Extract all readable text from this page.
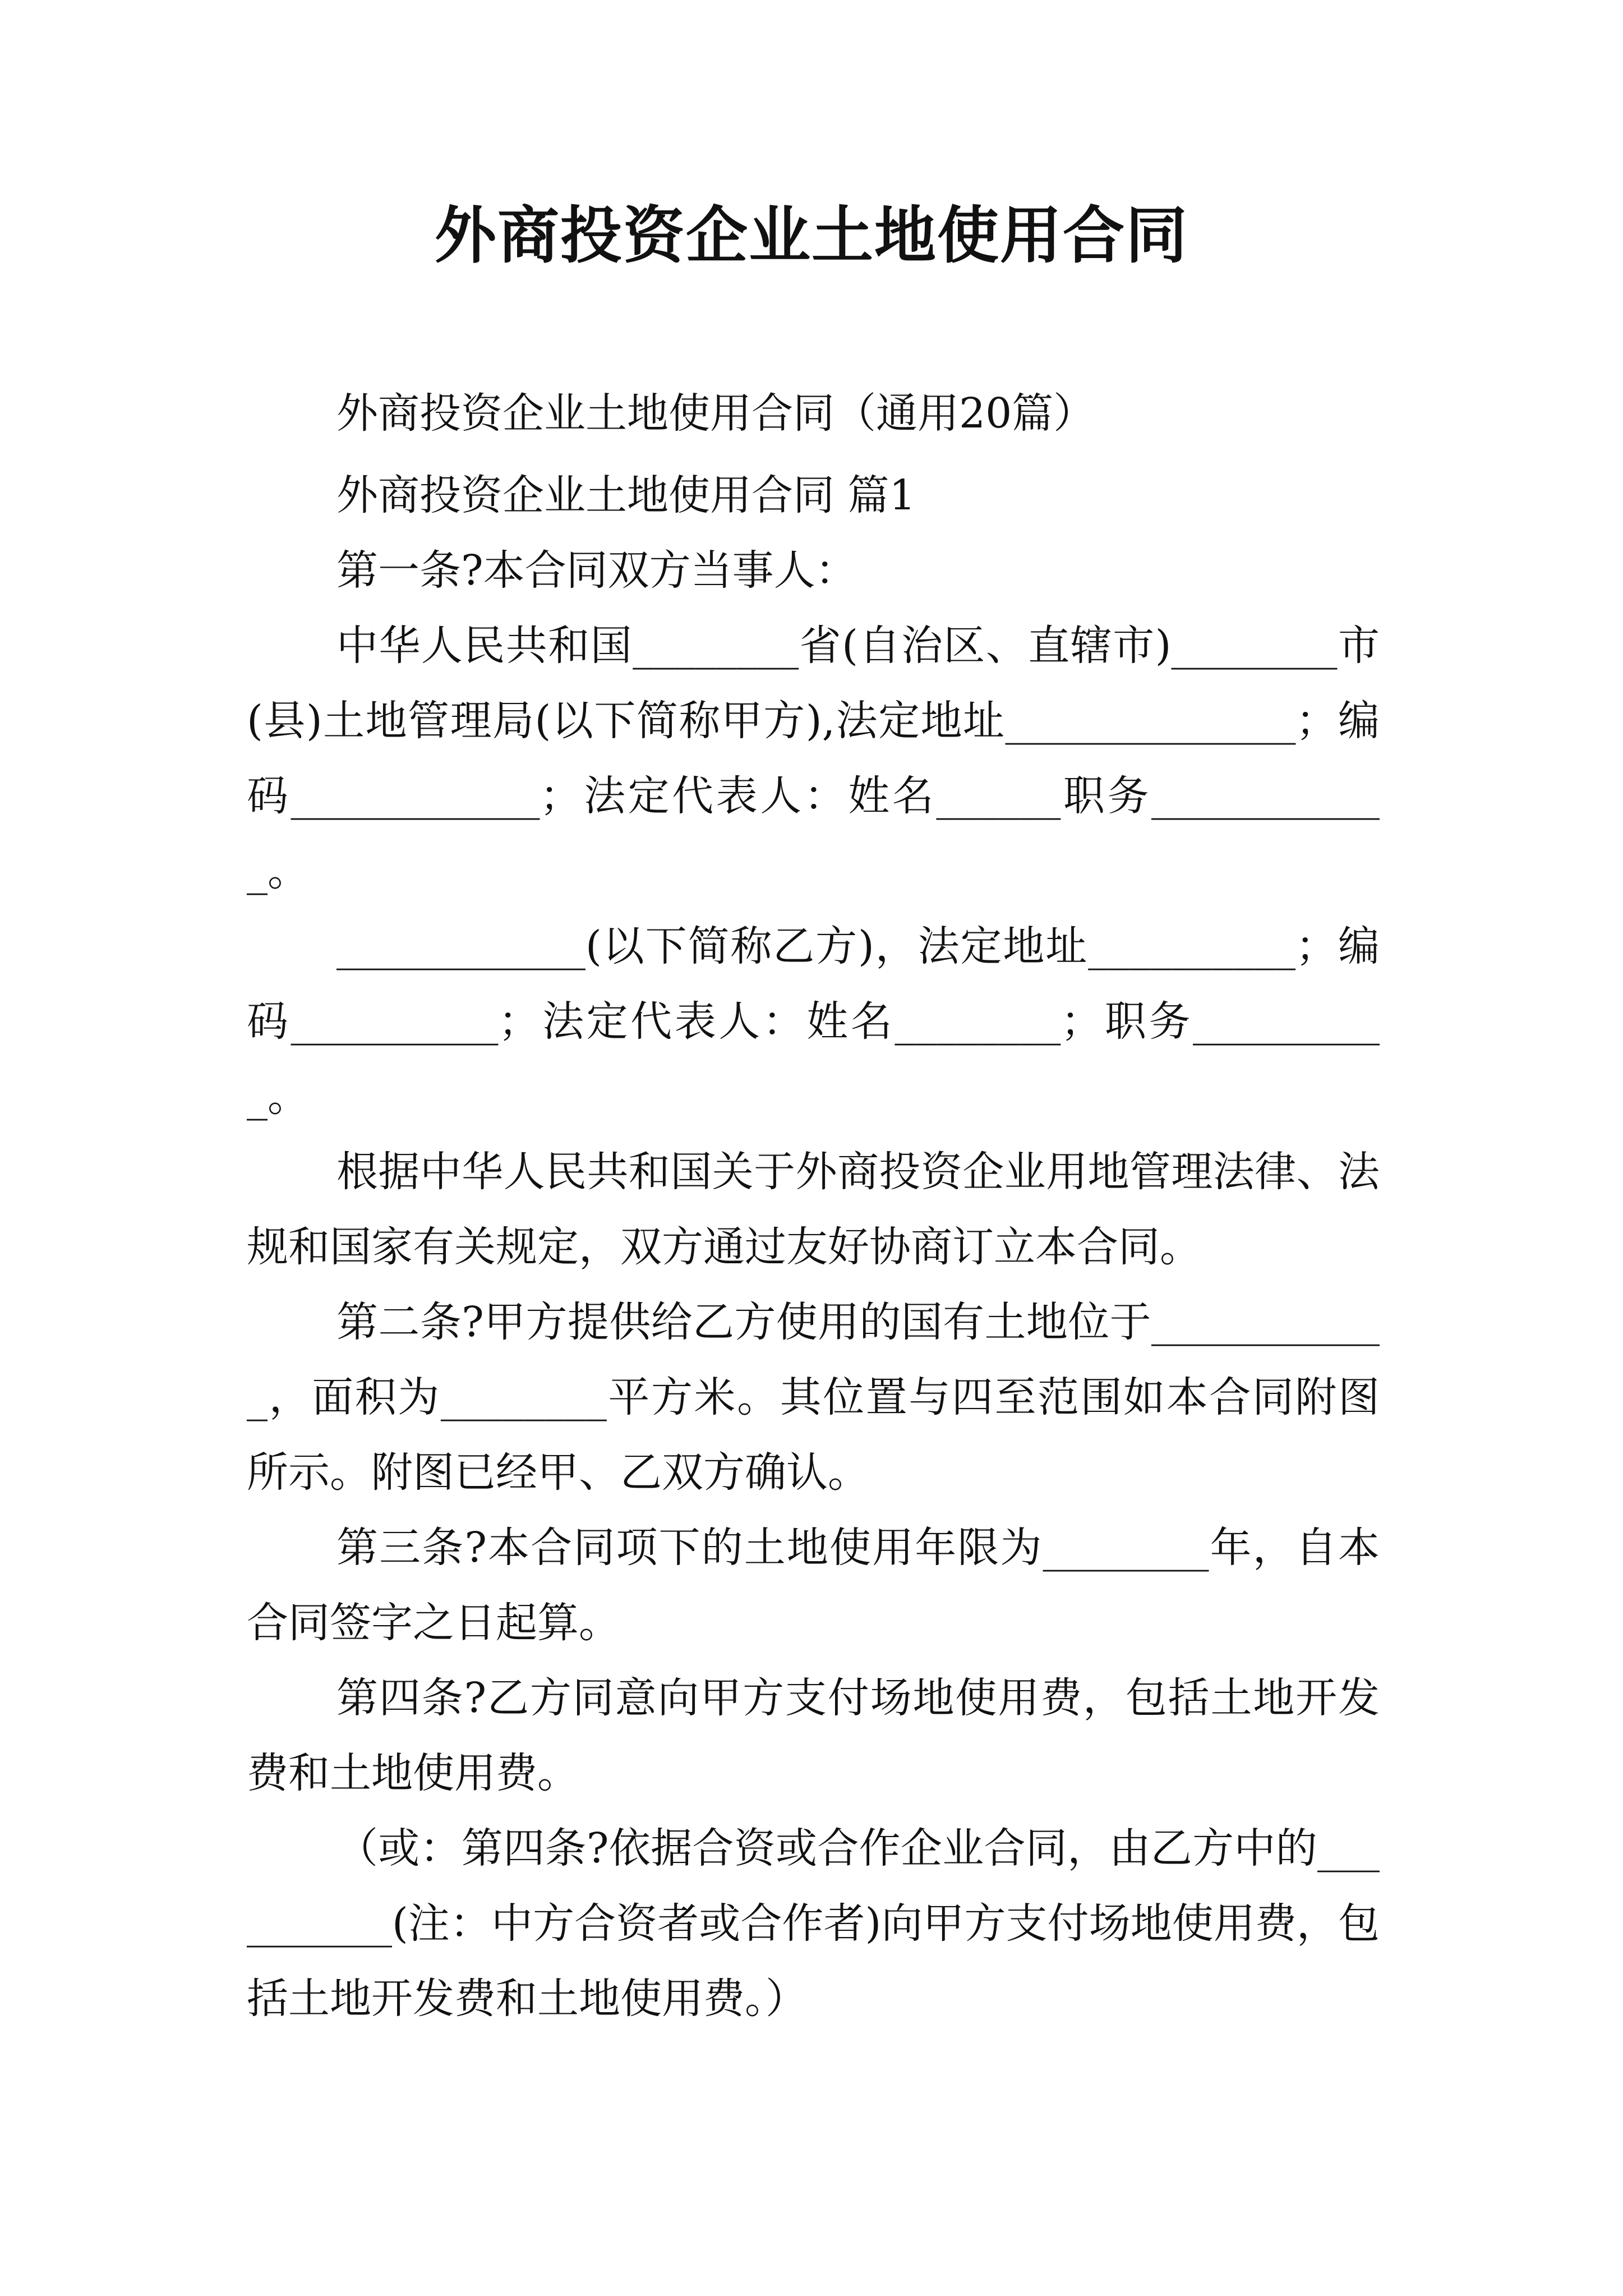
外商投资企业土地使用合同

外商投资企业土地使用合同（通用20篇）

外商投资企业土地使用合同 篇1

第一条?本合同双方当事人：

中华人民共和国________省(自治区、直辖市)________市(县)土地管理局(以下简称甲方),法定地址______________；编码____________；法定代表人：姓名______职务____________。

____________(以下简称乙方)，法定地址__________；编码__________；法定代表人：姓名________；职务__________。

根据中华人民共和国关于外商投资企业用地管理法律、法规和国家有关规定，双方通过友好协商订立本合同。

第二条?甲方提供给乙方使用的国有土地位于____________，面积为________平方米。其位置与四至范围如本合同附图所示。附图已经甲、乙双方确认。

第三条?本合同项下的土地使用年限为________年，自本合同签字之日起算。

第四条?乙方同意向甲方支付场地使用费，包括土地开发费和土地使用费。

（或：第四条?依据合资或合作企业合同，由乙方中的__________(注：中方合资者或合作者)向甲方支付场地使用费，包括土地开发费和土地使用费。）
